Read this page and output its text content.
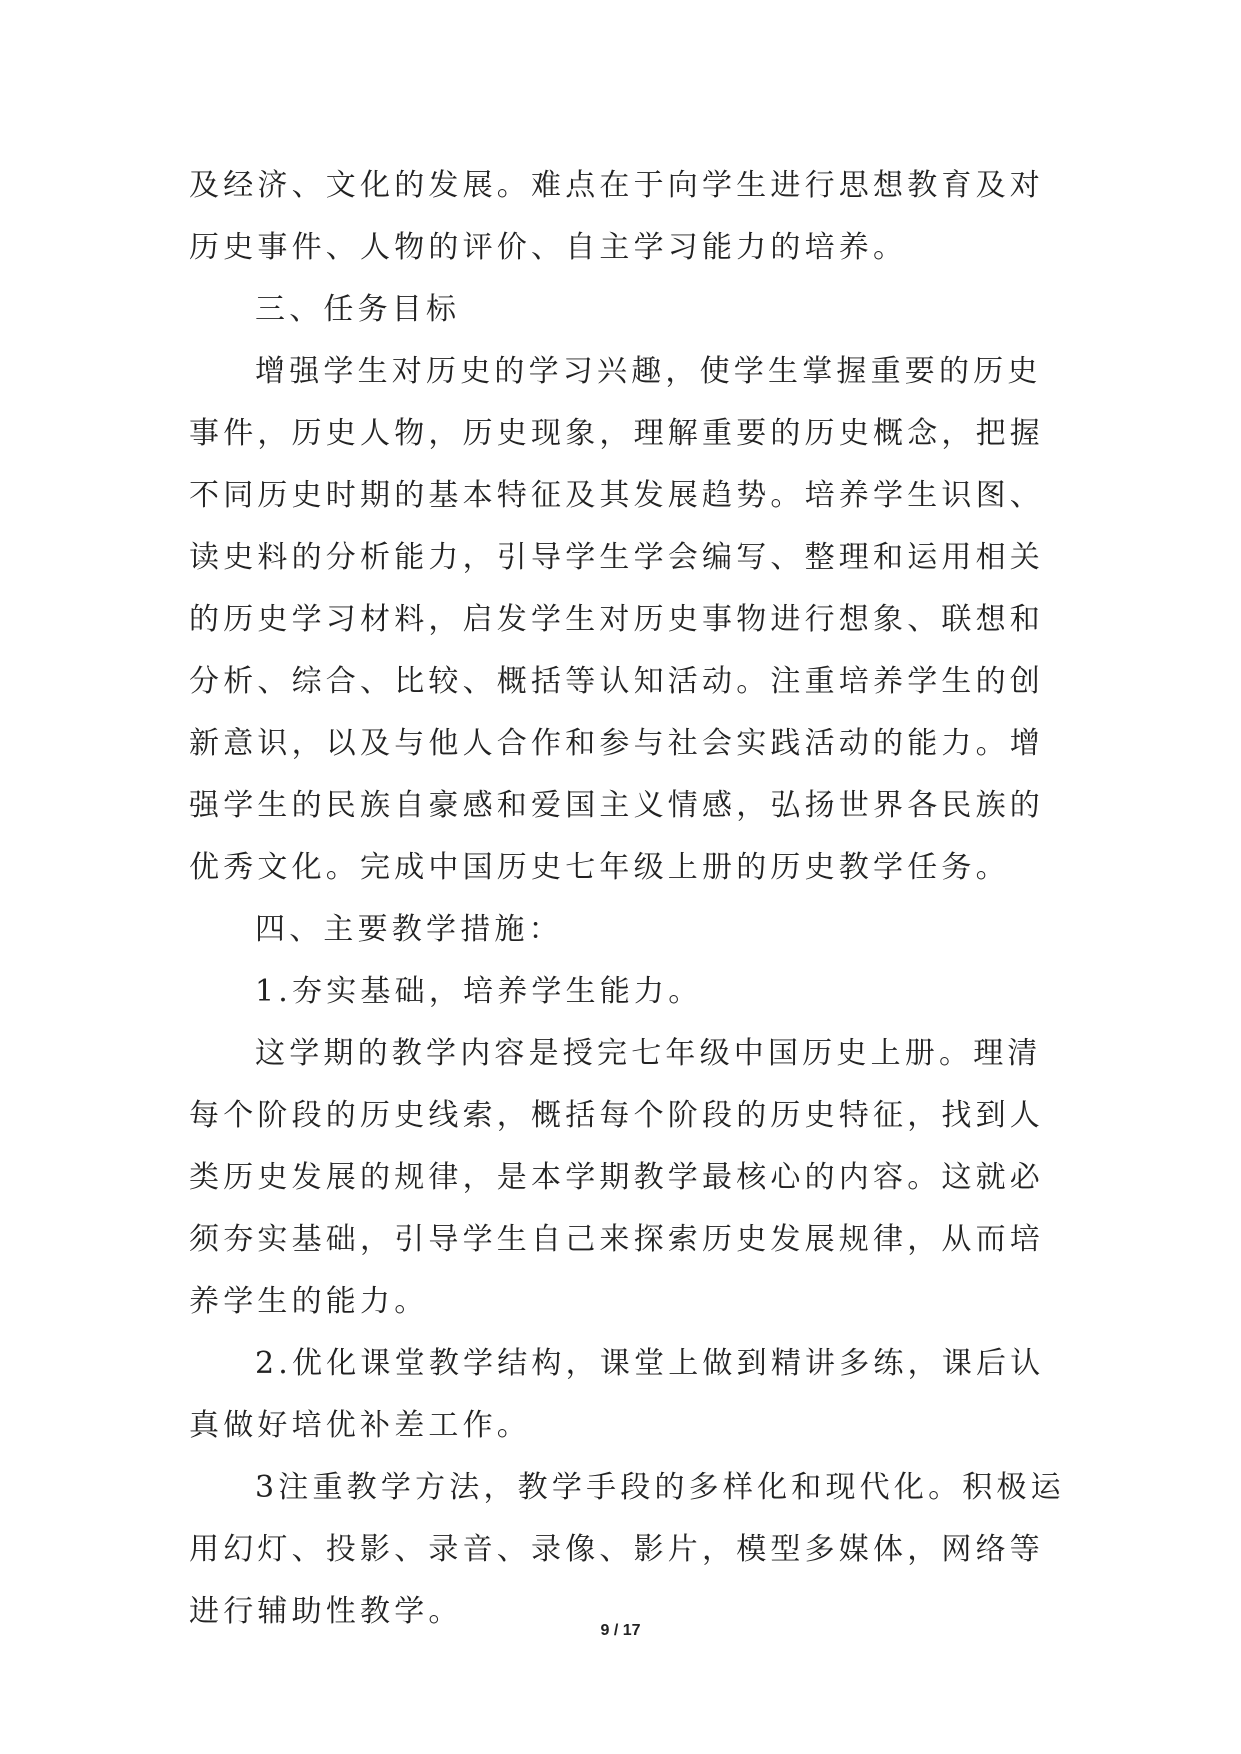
及经济、文化的发展。难点在于向学生进行思想教育及对历史事件、人物的评价、自主学习能力的培养。

三、任务目标

增强学生对历史的学习兴趣，使学生掌握重要的历史事件，历史人物，历史现象，理解重要的历史概念，把握不同历史时期的基本特征及其发展趋势。培养学生识图、读史料的分析能力，引导学生学会编写、整理和运用相关的历史学习材料，启发学生对历史事物进行想象、联想和分析、综合、比较、概括等认知活动。注重培养学生的创新意识，以及与他人合作和参与社会实践活动的能力。增强学生的民族自豪感和爱国主义情感，弘扬世界各民族的优秀文化。完成中国历史七年级上册的历史教学任务。

四、主要教学措施：

1.夯实基础，培养学生能力。

这学期的教学内容是授完七年级中国历史上册。理清每个阶段的历史线索，概括每个阶段的历史特征，找到人类历史发展的规律，是本学期教学最核心的内容。这就必须夯实基础，引导学生自己来探索历史发展规律，从而培养学生的能力。

2.优化课堂教学结构，课堂上做到精讲多练，课后认真做好培优补差工作。

3注重教学方法，教学手段的多样化和现代化。积极运用幻灯、投影、录音、录像、影片，模型多媒体，网络等进行辅助性教学。

9 / 17
